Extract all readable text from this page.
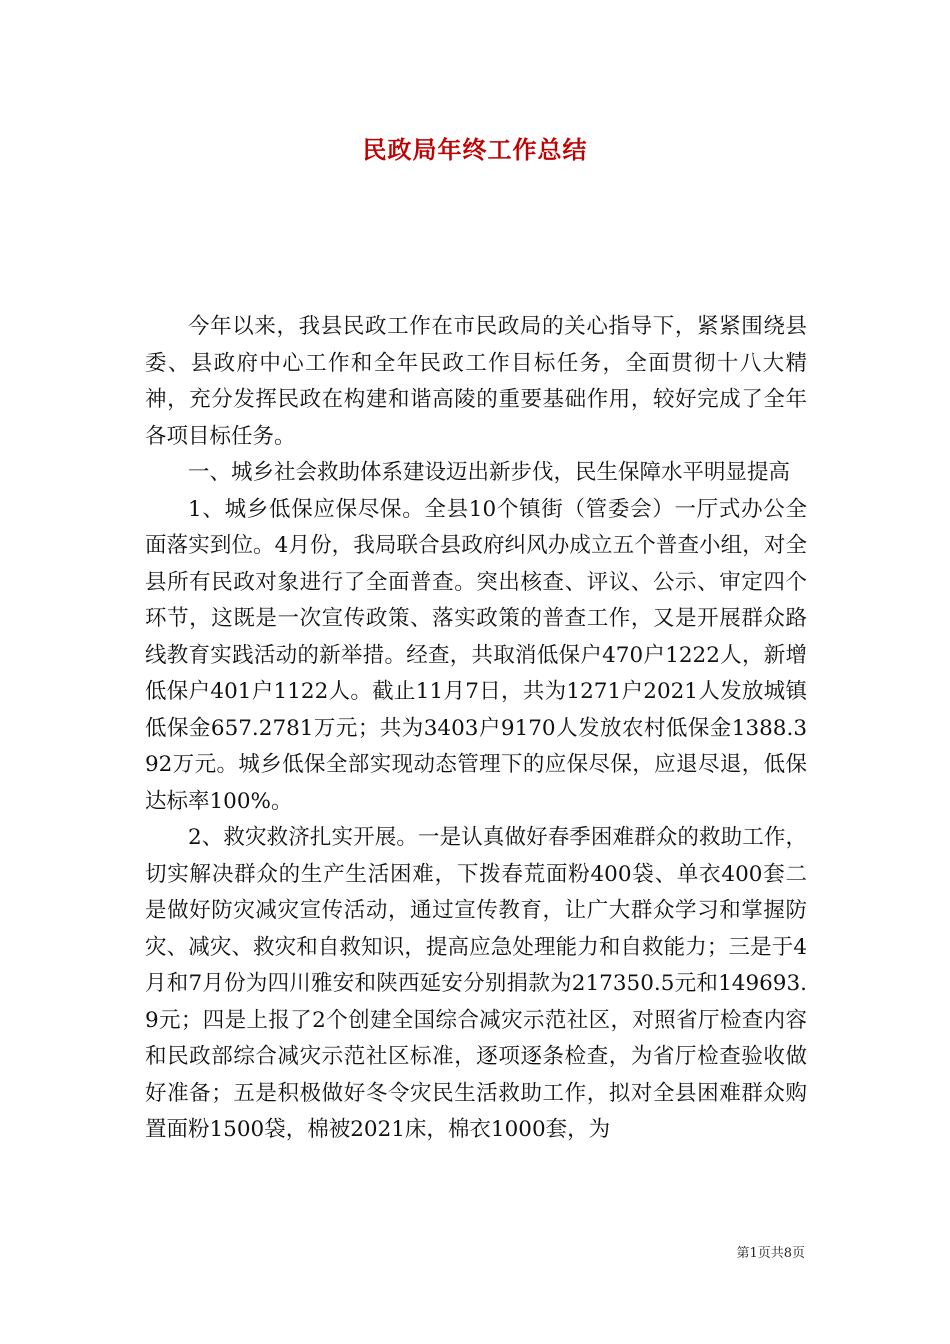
民政局年终工作总结

今年以来，我县民政工作在市民政局的关心指导下，紧紧围绕县委、县政府中心工作和全年民政工作目标任务，全面贯彻十八大精神，充分发挥民政在构建和谐高陵的重要基础作用，较好完成了全年各项目标任务。

一、城乡社会救助体系建设迈出新步伐，民生保障水平明显提高

1、城乡低保应保尽保。全县10个镇街（管委会）一厅式办公全面落实到位。4月份，我局联合县政府纠风办成立五个普查小组，对全县所有民政对象进行了全面普查。突出核查、评议、公示、审定四个环节，这既是一次宣传政策、落实政策的普查工作，又是开展群众路线教育实践活动的新举措。经查，共取消低保户470户1222人，新增低保户401户1122人。截止11月7日，共为1271户2021人发放城镇低保金657.2781万元；共为3403户9170人发放农村低保金1388.392万元。城乡低保全部实现动态管理下的应保尽保，应退尽退，低保达标率100%。

2、救灾救济扎实开展。一是认真做好春季困难群众的救助工作，切实解决群众的生产生活困难，下拨春荒面粉400袋、单衣400套二是做好防灾减灾宣传活动，通过宣传教育，让广大群众学习和掌握防灾、减灾、救灾和自救知识，提高应急处理能力和自救能力；三是于4月和7月份为四川雅安和陕西延安分别捐款为217350.5元和149693.9元；四是上报了2个创建全国综合减灾示范社区，对照省厅检查内容和民政部综合减灾示范社区标准，逐项逐条检查，为省厅检查验收做好准备；五是积极做好冬令灾民生活救助工作，拟对全县困难群众购置面粉1500袋，棉被2021床，棉衣1000套，为

第1页共8页
